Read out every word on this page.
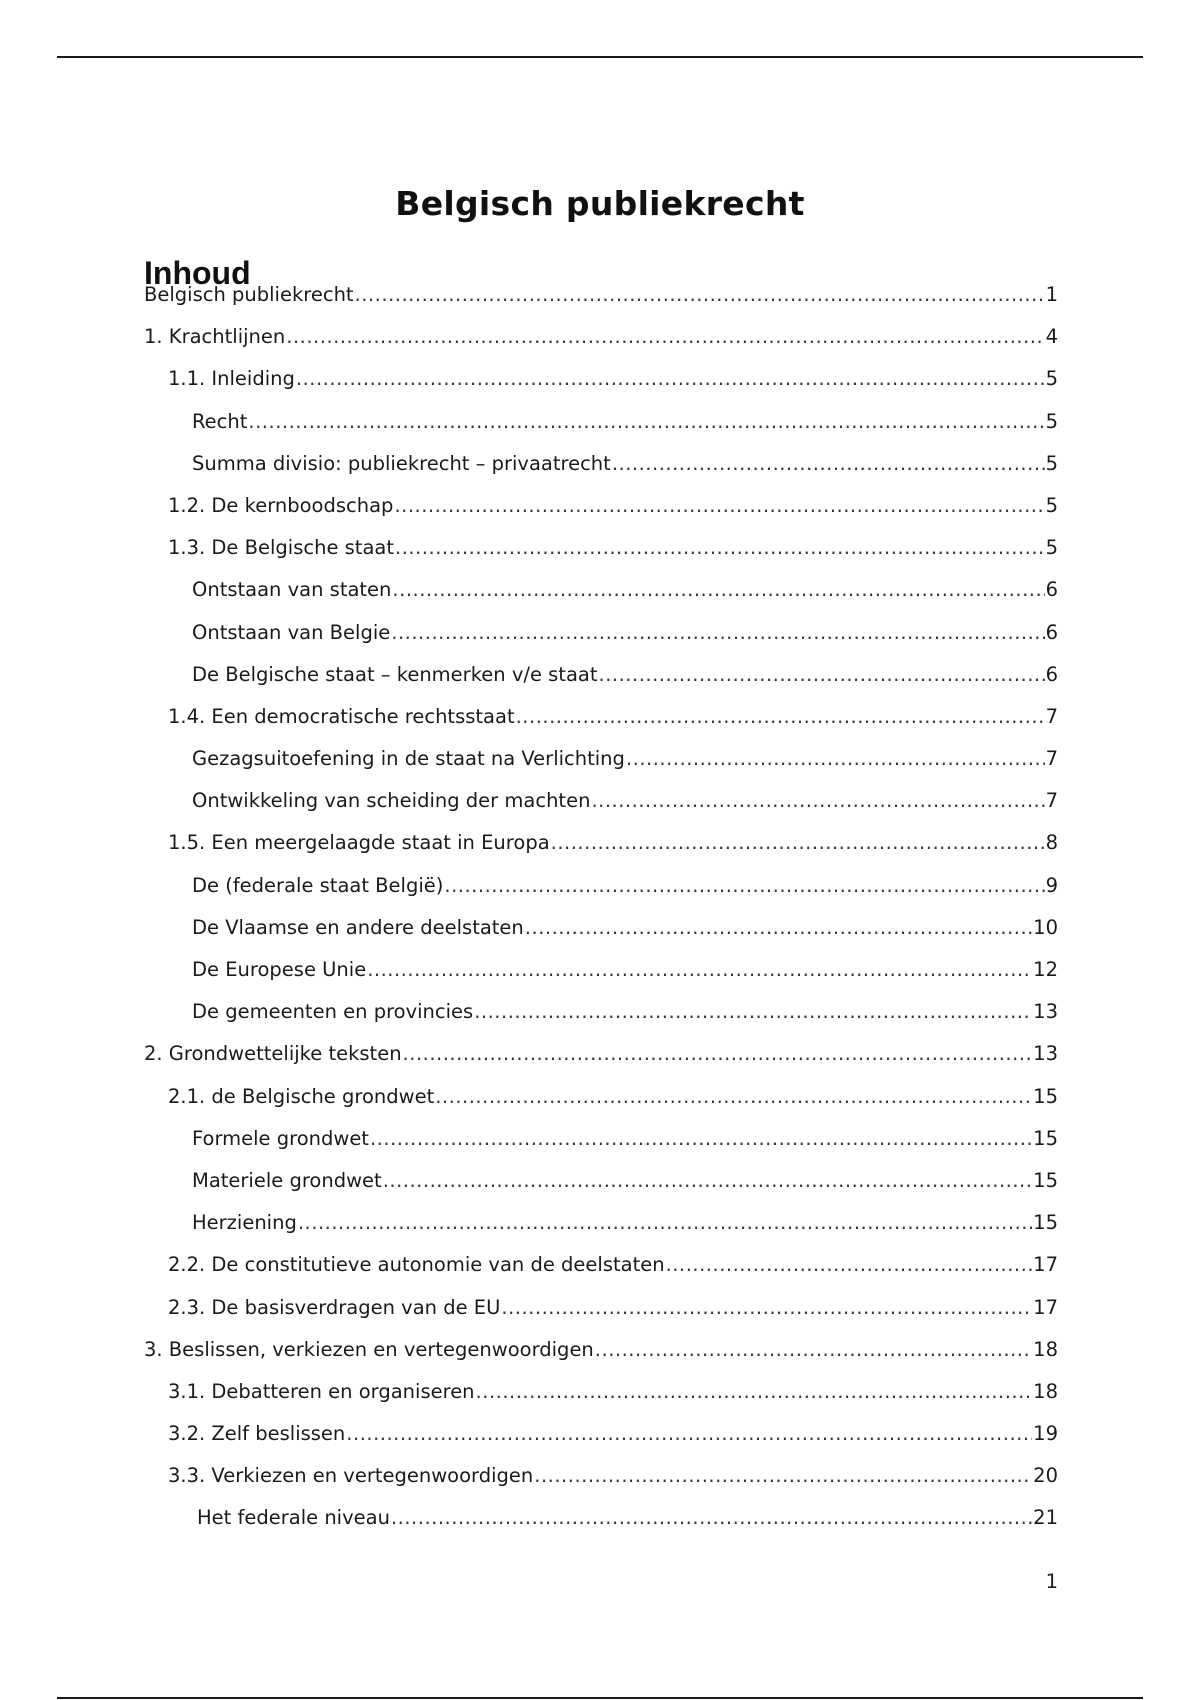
Belgisch publiekrecht
Inhoud
Belgisch publiekrecht .....	1
1. Krachtlijnen .....	4
1.1. Inleiding .....	5
Recht .....	5
Summa divisio: publiekrecht – privaatrecht .....	5
1.2. De kernboodschap .....	5
1.3. De Belgische staat .....	5
Ontstaan van staten .....	6
Ontstaan van Belgie .....	6
De Belgische staat – kenmerken v/e staat .....	6
1.4. Een democratische rechtsstaat .....	7
Gezagsuitoefening in de staat na Verlichting .....	7
Ontwikkeling van scheiding der machten .....	7
1.5. Een meergelaagde staat in Europa .....	8
De (federale staat België) .....	9
De Vlaamse en andere deelstaten .....	10
De Europese Unie .....	12
De gemeenten en provincies .....	13
2. Grondwettelijke teksten .....	13
2.1. de Belgische grondwet .....	15
Formele grondwet .....	15
Materiele grondwet .....	15
Herziening .....	15
2.2. De constitutieve autonomie van de deelstaten .....	17
2.3. De basisverdragen van de EU .....	17
3. Beslissen, verkiezen en vertegenwoordigen .....	18
3.1. Debatteren en organiseren .....	18
3.2. Zelf beslissen .....	19
3.3. Verkiezen en vertegenwoordigen .....	20
Het federale niveau .....	21
1
